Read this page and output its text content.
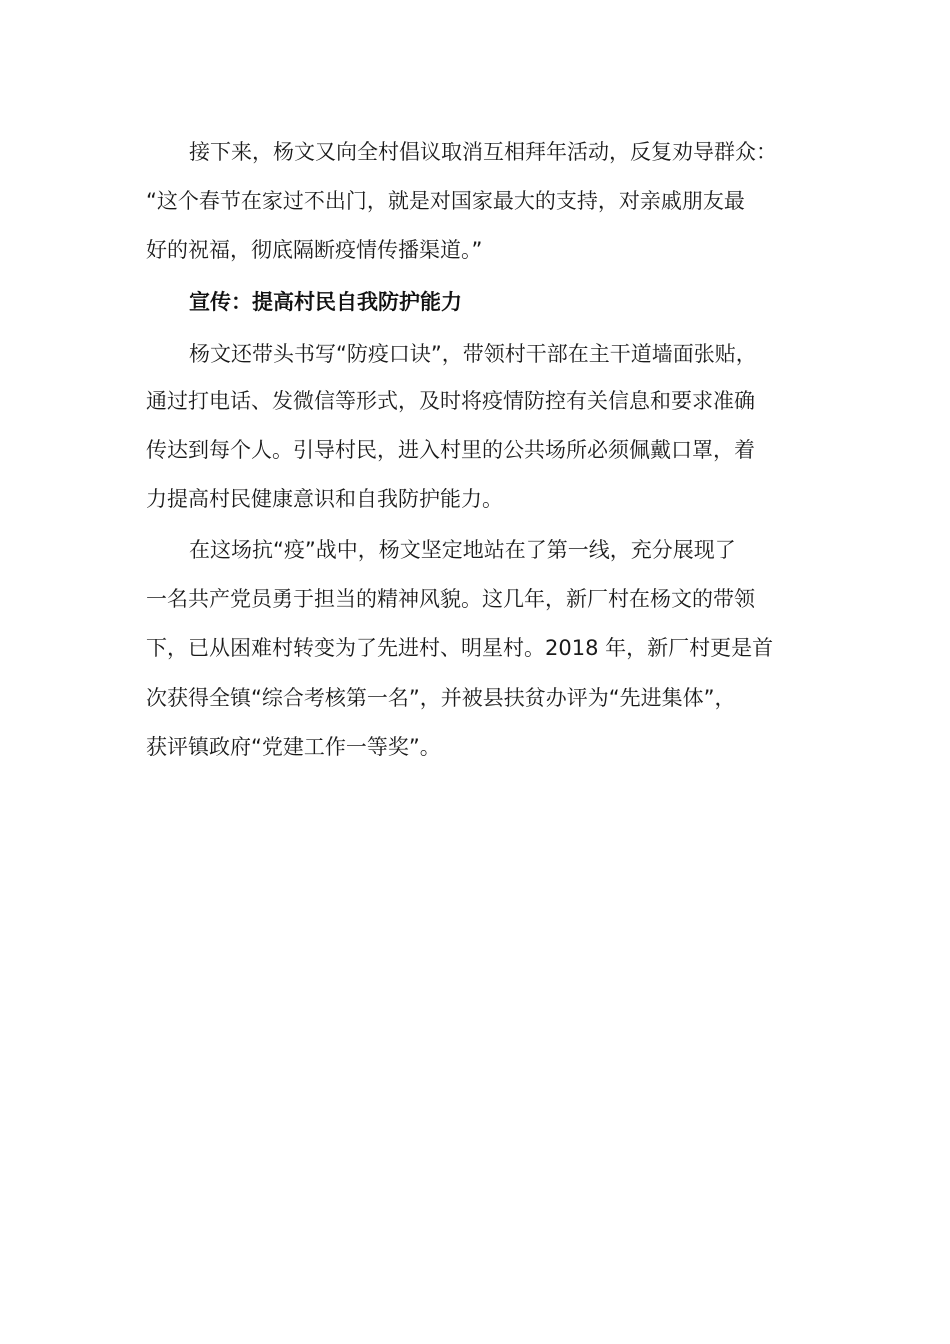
接下来，杨文又向全村倡议取消互相拜年活动，反复劝导群众：
“这个春节在家过不出门，就是对国家最大的支持，对亲戚朋友最
好的祝福，彻底隔断疫情传播渠道。”
宣传：提高村民自我防护能力
杨文还带头书写“防疫口诀”，带领村干部在主干道墙面张贴，
通过打电话、发微信等形式，及时将疫情防控有关信息和要求准确
传达到每个人。引导村民，进入村里的公共场所必须佩戴口罩，着
力提高村民健康意识和自我防护能力。
在这场抗“疫”战中，杨文坚定地站在了第一线，充分展现了
一名共产党员勇于担当的精神风貌。这几年，新厂村在杨文的带领
下，已从困难村转变为了先进村、明星村。2018 年，新厂村更是首
次获得全镇“综合考核第一名”，并被县扶贫办评为“先进集体”，
获评镇政府“党建工作一等奖”。
